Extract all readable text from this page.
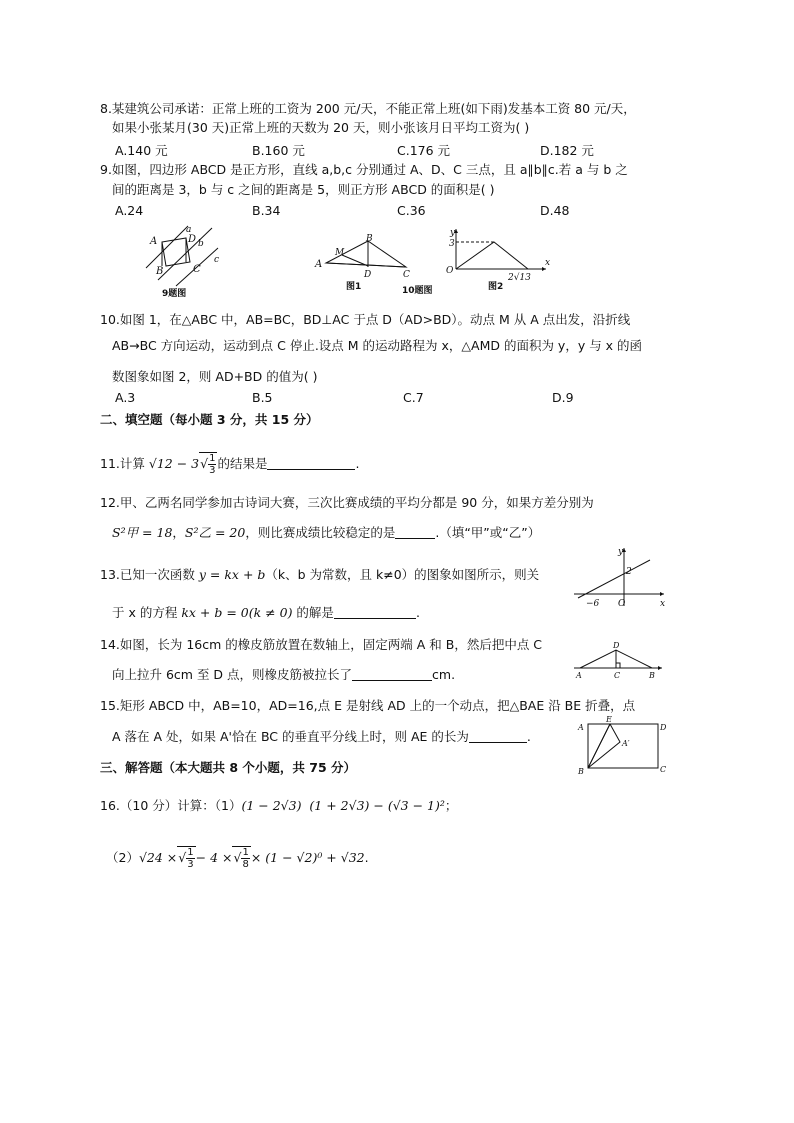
8.某建筑公司承诺：正常上班的工资为 200 元/天，不能正常上班(如下雨)发基本工资 80 元/天，
如果小张某月(30 天)正常上班的天数为 20 天，则小张该月日平均工资为( )
A.140 元	B.160 元	C.176 元	D.182 元
9.如图，四边形 ABCD 是正方形，直线 a,b,c 分别通过 A、D、C 三点，且 a∥b∥c.若 a 与 b 之
间的距离是 3，b 与 c 之间的距离是 5，则正方形 ABCD 的面积是( )
A.24	B.34	C.36	D.48
A	D b
a
B	C
c
9题图
A
M
B
D	C
图1	10题图
y
x
O
3
2√13
图2
10.如图 1，在△ABC 中，AB=BC，BD⊥AC 于点 D（AD>BD）。动点 M 从 A 点出发，沿折线
AB→BC 方向运动，运动到点 C 停止.设点 M 的运动路程为 x，△AMD 的面积为 y，y 与 x 的函
数图象如图 2，则 AD+BD 的值为( )
A.3	B.5	C.7	D.9
二、填空题（每小题 3 分，共 15 分）
11.计算 $√12 - 3√ \frac{1}{3}$ 的结果是	.
12.甲、乙两名同学参加古诗词大赛，三次比赛成绩的平均分都是 90 分，如果方差分别为
S²甲 = 18，S²乙 = 20，则比赛成绩比较稳定的是	.（填“甲”或“乙”）
13.已知一次函数 y = kx + b（k、b 为常数，且 k≠0）的图象如图所示，则关
于 x 的方程 kx + b = 0(k ≠ 0) 的解是	.
y
x
O
2
−6
14.如图，长为 16cm 的橡皮筋放置在数轴上，固定两端 A 和 B，然后把中点 C
向上拉升 6cm 至 D 点，则橡皮筋被拉长了	cm.
D
A	C	B
15.矩形 ABCD 中，AB=10，AD=16,点 E 是射线 AD 上的一个动点，把△BAE 沿 BE 折叠，点
A 落在 A 处，如果 A'恰在 BC 的垂直平分线上时，则 AE 的长为	.
A
E
D
A′
B	C
三、解答题（本大题共 8 个小题，共 75 分）
16.（10 分）计算：（1）(1 − 2√3) (1 + 2√3) − (√3 − 1)²；
（2）√24 ×√ $\frac{1}{3} - 4$ ×√ $\frac{1}{8} \times (1 - √2)^0 + √32$.
